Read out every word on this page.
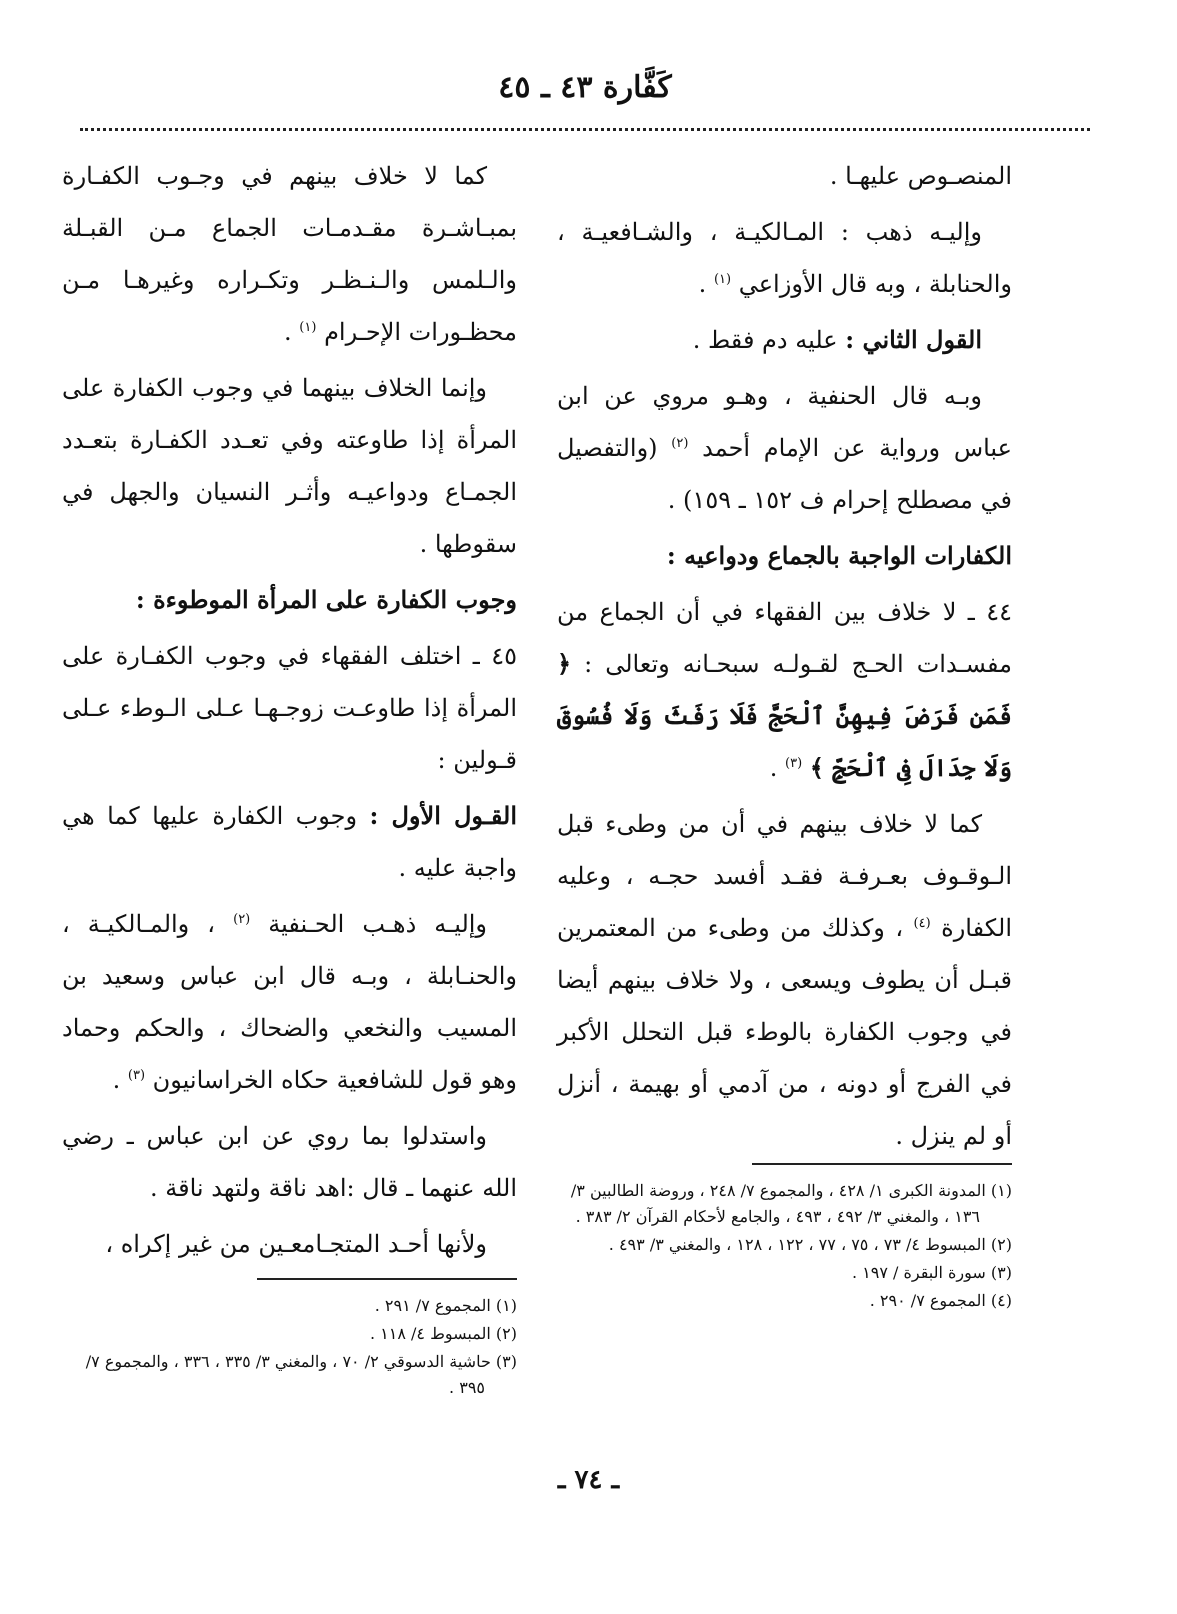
كَفَّارة ٤٣ ـ ٤٥

المنصـوص عليهـا .

وإليـه ذهب : المـالكيـة ، والشـافعيـة ، والحنابلة ، وبه قال الأوزاعي $^{(١)}$ .

القول الثاني : عليه دم فقط .

وبـه قال الحنفية ، وهـو مروي عن ابن عباس ورواية عن الإمام أحمد $^{(٢)}$ (والتفصيل في مصطلح إحرام ف ١٥٢ ـ ١٥٩) .

الكفارات الواجبة بالجماع ودواعيه :

٤٤ ـ لا خلاف بين الفقهاء في أن الجماع من مفسـدات الحـج لقـولـه سبحـانه وتعالى : ﴿ فَمَن فَرَضَ فِيهِنَّ ٱلْحَجَّ فَلَا رَفَثَ وَلَا فُسُوقَ وَلَا جِدَالَ فِى ٱلْحَجِّ ﴾ $^{(٣)}$ .

كما لا خلاف بينهم في أن من وطىء قبل الـوقـوف بعـرفـة فقـد أفسد حجـه ، وعليه الكفارة $^{(٤)}$ ، وكذلك من وطىء من المعتمرين قبـل أن يطوف ويسعى ، ولا خلاف بينهم أيضا في وجوب الكفارة بالوطء قبل التحلل الأكبر في الفرج أو دونه ، من آدمي أو بهيمة ، أنزل أو لم ينزل .

كما لا خلاف بينهم في وجـوب الكفـارة بمبـاشـرة مقـدمـات الجماع مـن القبـلة والـلمس والـنـظـر وتكـراره وغيرهـا مـن محظـورات الإحـرام $^{(١)}$ .

وإنما الخلاف بينهما في وجوب الكفارة على المرأة إذا طاوعته وفي تعـدد الكفـارة بتعـدد الجمـاع ودواعيـه وأثـر النسيان والجهل في سقوطها .

وجوب الكفارة على المرأة الموطوءة :

٤٥ ـ اختلف الفقهاء في وجوب الكفـارة على المرأة إذا طاوعـت زوجـهـا عـلى الـوطء عـلى قـولين :

القـول الأول : وجوب الكفارة عليها كما هي واجبة عليه .

وإليـه ذهـب الحـنفية $^{(٢)}$ ، والمـالكيـة ، والحنـابلة ، وبـه قال ابن عباس وسعيد بن المسيب والنخعي والضحاك ، والحكم وحماد وهو قول للشافعية حكاه الخراسانيون $^{(٣)}$ .

واستدلوا بما روي عن ابن عباس ـ رضي الله عنهما ـ قال :اهد ناقة ولتهد ناقة .

ولأنها أحـد المتجـامعـين من غير إكراه ،

(١) المدونة الكبرى ١/ ٤٢٨ ، والمجموع ٧/ ٢٤٨ ، وروضة الطالبين ٣/ ١٣٦ ، والمغني ٣/ ٤٩٢ ، ٤٩٣ ، والجامع لأحكام القرآن ٢/ ٣٨٣ .

(٢) المبسوط ٤/ ٧٣ ، ٧٥ ، ٧٧ ، ١٢٢ ، ١٢٨ ، والمغني ٣/ ٤٩٣ .

(٣) سورة البقرة / ١٩٧ .

(٤) المجموع ٧/ ٢٩٠ .

(١) المجموع ٧/ ٢٩١ .

(٢) المبسوط ٤/ ١١٨ .

(٣) حاشية الدسوقي ٢/ ٧٠ ، والمغني ٣/ ٣٣٥ ، ٣٣٦ ، والمجموع ٧/ ٣٩٥ .

ـ ٧٤ ـ
